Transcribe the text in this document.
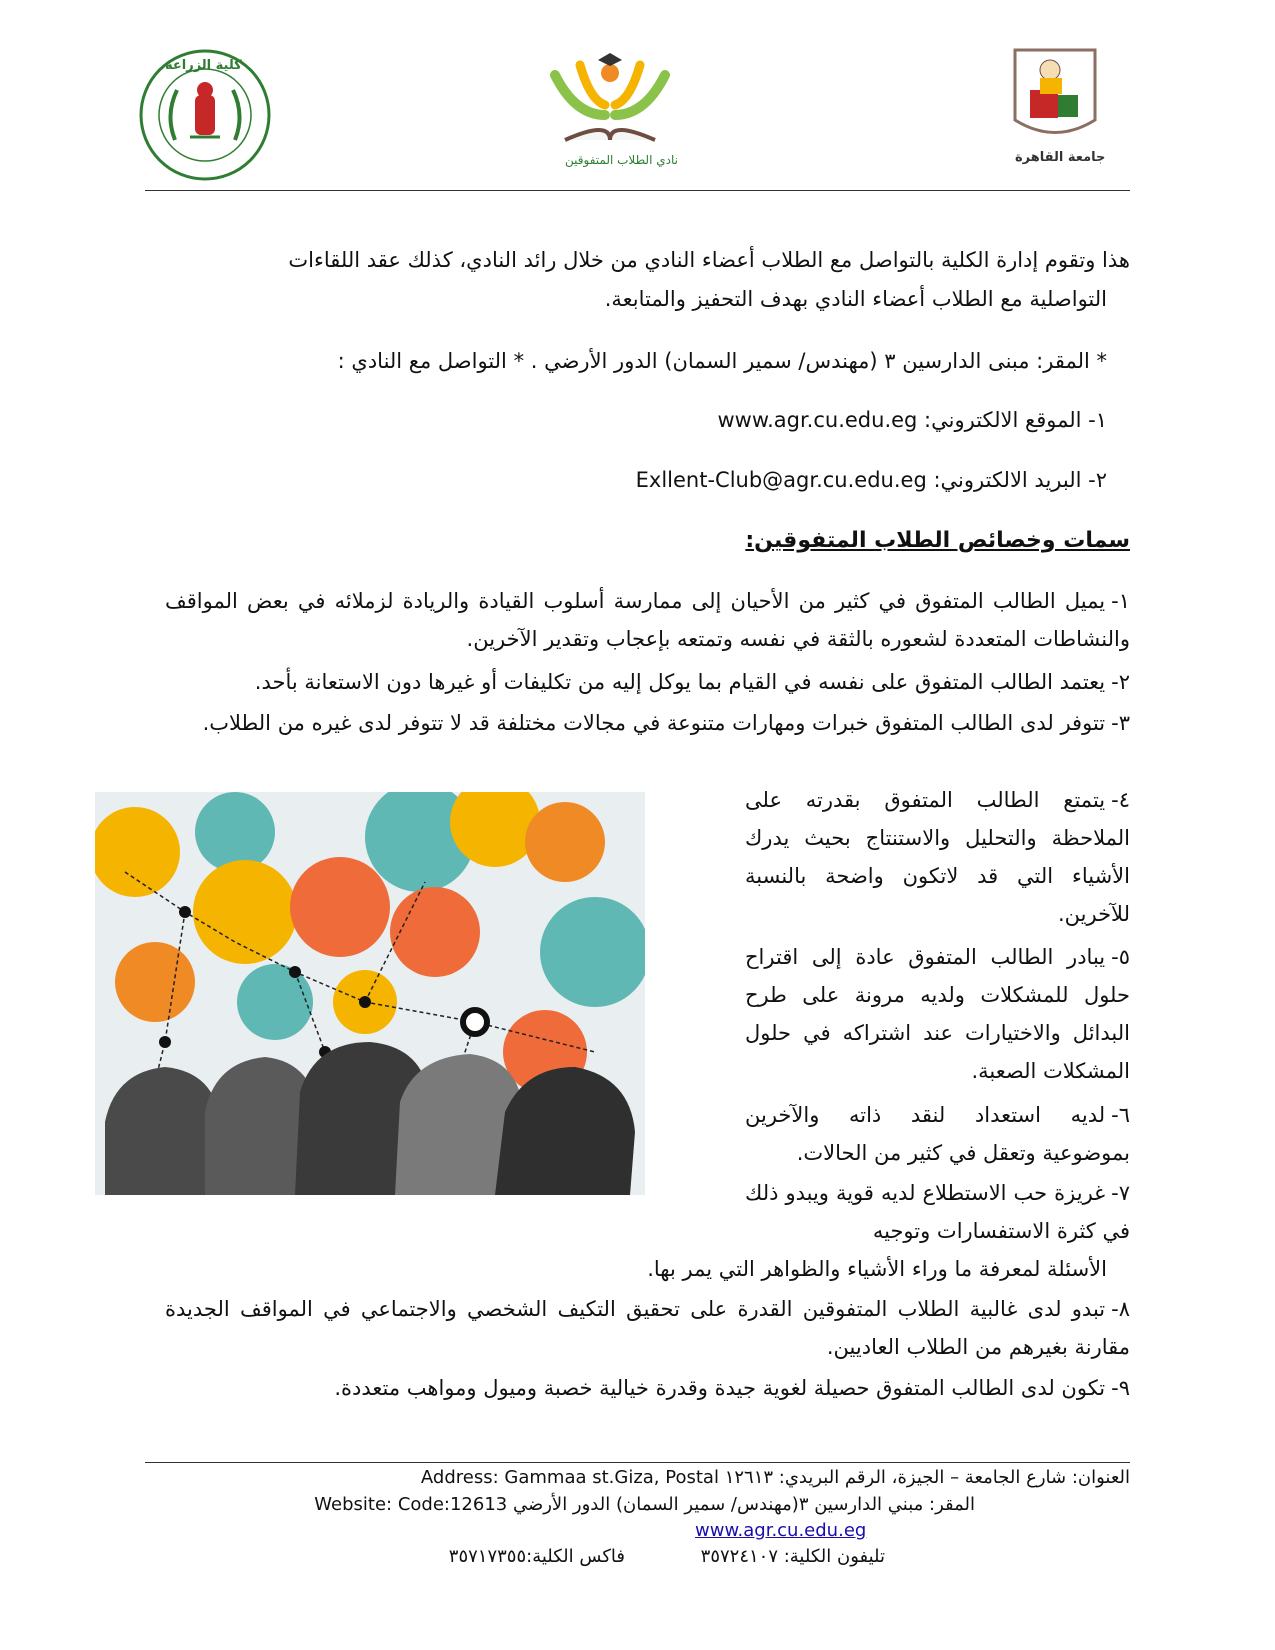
كلية الزراعة
نادي الطلاب المتفوقين	جامعة القاهرة
هذا وتقوم إدارة الكلية بالتواصل مع الطلاب أعضاء النادي من خلال رائد النادي، كذلك عقد اللقاءات
التواصلية مع الطلاب أعضاء النادي بهدف التحفيز والمتابعة.
* المقر: مبنى الدارسين ٣ (مهندس/ سمير السمان) الدور الأرضي . * التواصل مع النادي :
١- الموقع الالكتروني: www.agr.cu.edu.eg
٢- البريد الالكتروني: Exllent-Club@agr.cu.edu.eg
سمات وخصائص الطلاب المتفوقين:
١-يميل الطالب المتفوق في كثير من الأحيان إلى ممارسة أسلوب القيادة والريادة لزملائه في بعض المواقف والنشاطات المتعددة لشعوره بالثقة في نفسه وتمتعه بإعجاب وتقدير الآخرين.
٢-يعتمد الطالب المتفوق على نفسه في القيام بما يوكل إليه من تكليفات أو غيرها دون الاستعانة بأحد.
٣-تتوفر لدى الطالب المتفوق خبرات ومهارات متنوعة في مجالات مختلفة قد لا تتوفر لدى غيره من الطلاب.
٤-يتمتع الطالب المتفوق بقدرته على الملاحظة والتحليل والاستنتاج بحيث يدرك الأشياء التي قد لاتكون واضحة بالنسبة للآخرين.
٥-يبادر الطالب المتفوق عادة إلى اقتراح حلول للمشكلات ولديه مرونة على طرح البدائل والاختيارات عند اشتراكه في حلول المشكلات الصعبة.
٦-لديه استعداد لنقد ذاته والآخرين بموضوعية وتعقل في كثير من الحالات.
٧-غريزة حب الاستطلاع لديه قوية ويبدو ذلك في كثرة الاستفسارات وتوجيه
الأسئلة لمعرفة ما وراء الأشياء والظواهر التي يمر بها.
٨-تبدو لدى غالبية الطلاب المتفوقين القدرة على تحقيق التكيف الشخصي والاجتماعي في المواقف الجديدة مقارنة بغيرهم من الطلاب العاديين.
٩-تكون لدى الطالب المتفوق حصيلة لغوية جيدة وقدرة خيالية خصبة وميول ومواهب متعددة.
العنوان: شارع الجامعة – الجيزة، الرقم البريدي: ١٢٦١٣ Address: Gammaa st.Giza, Postal
المقر: مبني الدارسين ٣(مهندس/ سمير السمان) الدور الأرضي Website: Code:12613
www.agr.cu.edu.eg
تليفون الكلية: ٣٥٧٢٤١٠٧
فاكس الكلية:٣٥٧١٧٣٥٥
